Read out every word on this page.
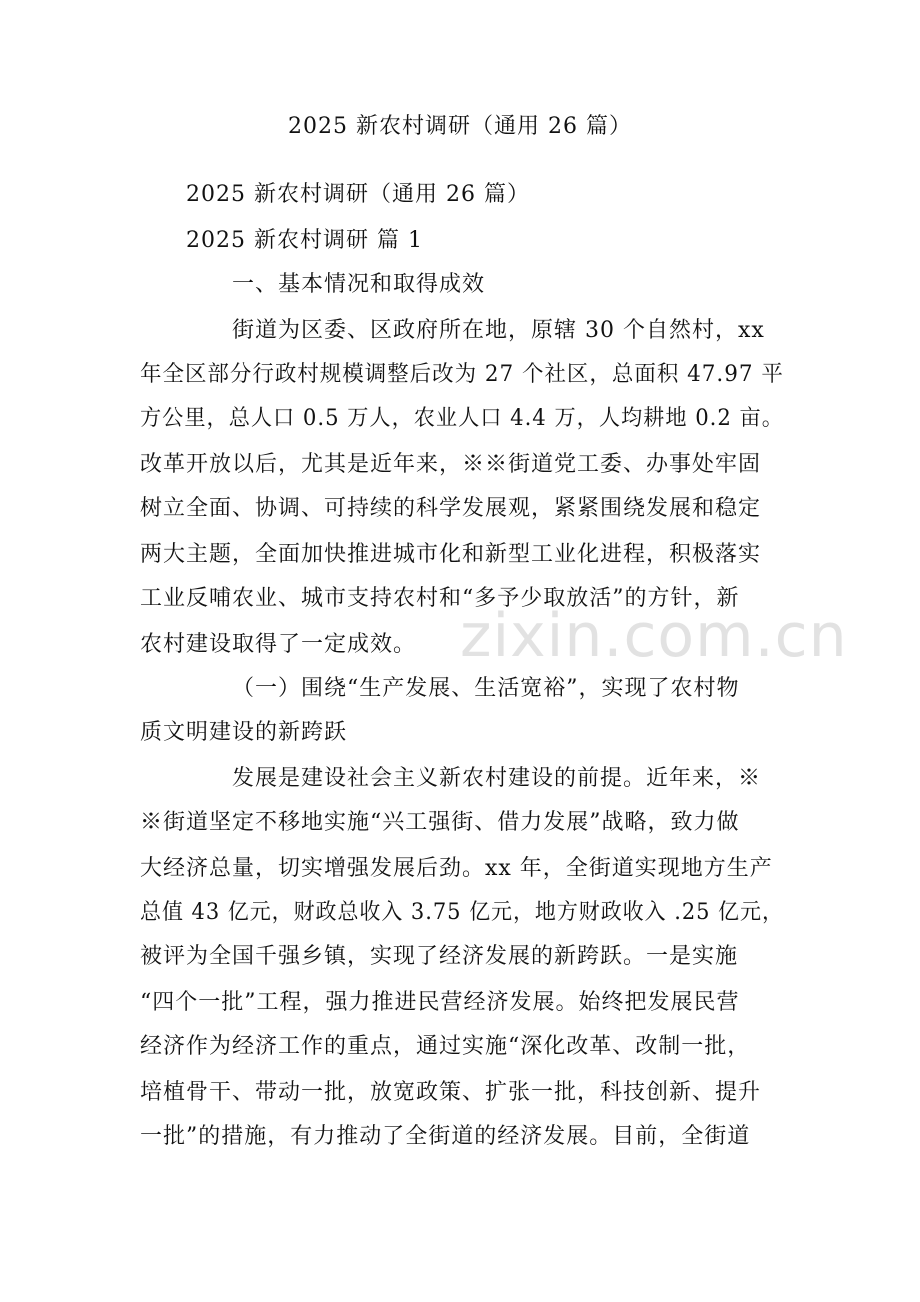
2025 新农村调研（通用 26 篇）
2025 新农村调研（通用 26 篇）
2025 新农村调研 篇 1
一、基本情况和取得成效
街道为区委、区政府所在地，原辖 30 个自然村，xx
年全区部分行政村规模调整后改为 27 个社区，总面积 47.97 平
方公里，总人口 0.5 万人，农业人口 4.4 万，人均耕地 0.2 亩。
改革开放以后，尤其是近年来，※※街道党工委、办事处牢固
树立全面、协调、可持续的科学发展观，紧紧围绕发展和稳定
两大主题，全面加快推进城市化和新型工业化进程，积极落实
工业反哺农业、城市支持农村和“多予少取放活”的方针，新
农村建设取得了一定成效。
（一）围绕“生产发展、生活宽裕”，实现了农村物
质文明建设的新跨跃
发展是建设社会主义新农村建设的前提。近年来，※
※街道坚定不移地实施“兴工强街、借力发展”战略，致力做
大经济总量，切实增强发展后劲。xx 年，全街道实现地方生产
总值 43 亿元，财政总收入 3.75 亿元，地方财政收入 .25 亿元，
被评为全国千强乡镇，实现了经济发展的新跨跃。一是实施
“四个一批”工程，强力推进民营经济发展。始终把发展民营
经济作为经济工作的重点，通过实施“深化改革、改制一批，
培植骨干、带动一批，放宽政策、扩张一批，科技创新、提升
一批”的措施，有力推动了全街道的经济发展。目前，全街道
zixin.com.cn
